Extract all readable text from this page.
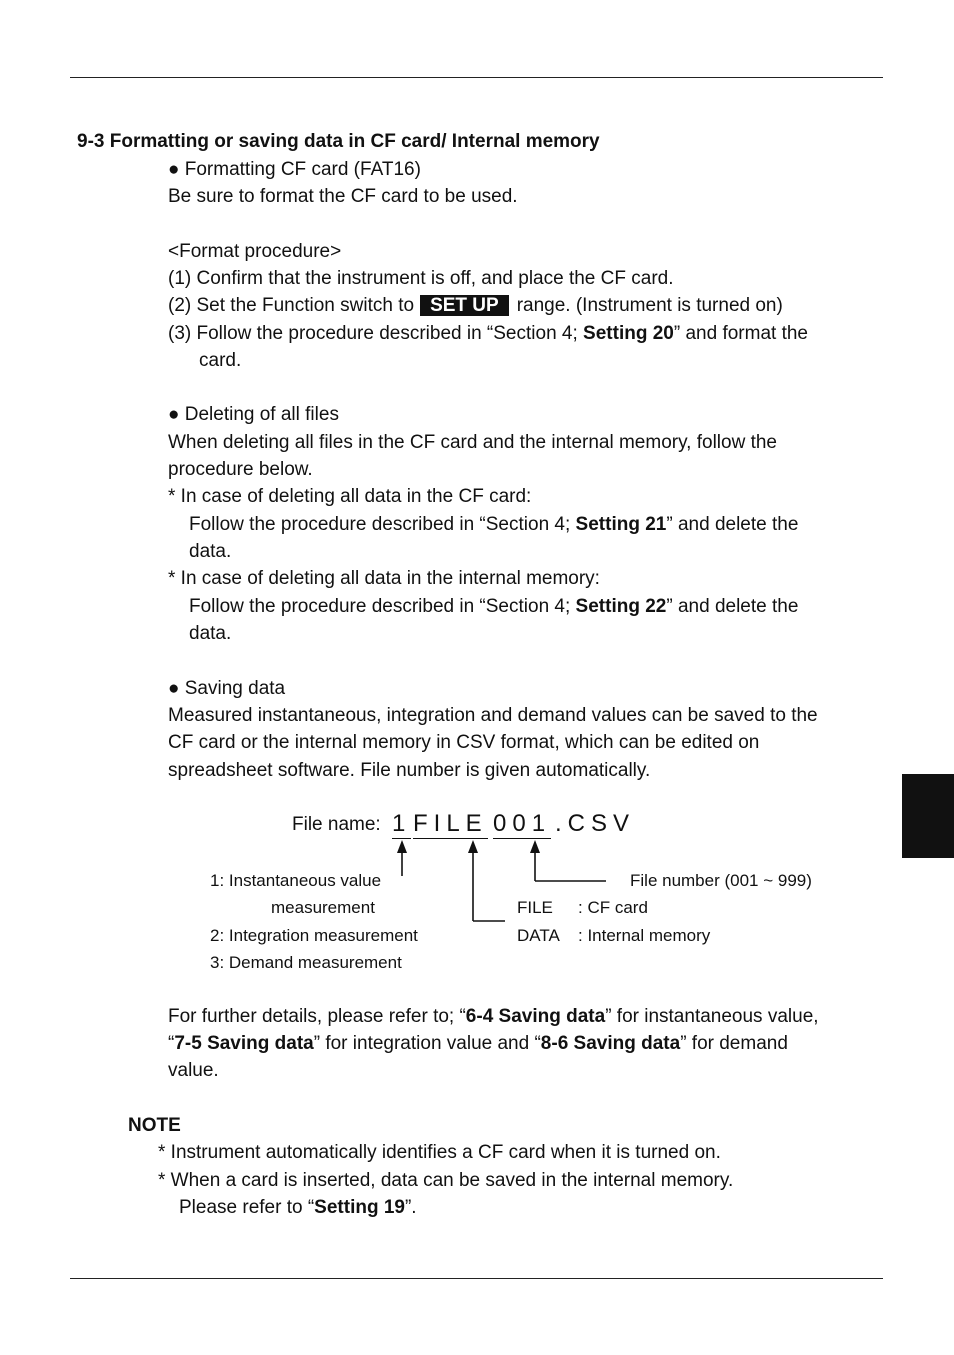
9-3 Formatting or saving data in CF card/ Internal memory
● Formatting CF card (FAT16)
Be sure to format the CF card to be used.
<Format procedure>
(1) Confirm that the instrument is off, and place the CF card.
(2) Set the Function switch to SET UP range. (Instrument is turned on)
(3) Follow the procedure described in “Section 4; Setting 20” and format the
card.
● Deleting of all files
When deleting all files in the CF card and the internal memory, follow the
procedure below.
* In case of deleting all data in the CF card:
Follow the procedure described in “Section 4; Setting 21” and delete the
data.
* In case of deleting all data in the internal memory:
Follow the procedure described in “Section 4; Setting 22” and delete the
data.
● Saving data
Measured instantaneous, integration and demand values can be saved to the
CF card or the internal memory in CSV format, which can be edited on
spreadsheet software. File number is given automatically.
File name: 1 FILE 001 .CSV
1: Instantaneous value
measurement
2: Integration measurement
3: Demand measurement
File number (001 ~ 999)
FILE : CF card
DATA : Internal memory
For further details, please refer to; “6-4 Saving data” for instantaneous value,
“7-5 Saving data” for integration value and “8-6 Saving data” for demand
value.
NOTE
* Instrument automatically identifies a CF card when it is turned on.
* When a card is inserted, data can be saved in the internal memory.
Please refer to “Setting 19”.
